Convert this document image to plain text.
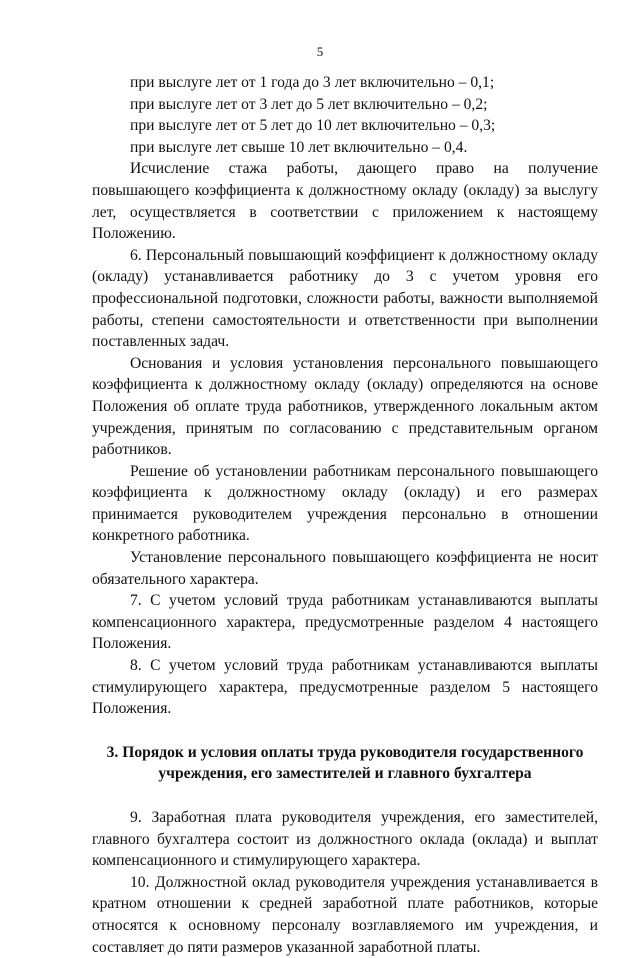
5

при выслуге лет от 1 года до 3 лет включительно – 0,1;

при выслуге лет от 3 лет до 5 лет включительно – 0,2;

при выслуге лет от 5 лет до 10 лет включительно – 0,3;

при выслуге лет свыше 10 лет включительно – 0,4.

Исчисление стажа работы, дающего право на получение повышающего коэффициента к должностному окладу (окладу) за выслугу лет, осуществляется в соответствии с приложением к настоящему Положению.

6. Персональный повышающий коэффициент к должностному окладу (окладу) устанавливается работнику до 3 с учетом уровня его профессиональной подготовки, сложности работы, важности выполняемой работы, степени самостоятельности и ответственности при выполнении поставленных задач.

Основания и условия установления персонального повышающего коэффициента к должностному окладу (окладу) определяются на основе Положения об оплате труда работников, утвержденного локальным актом учреждения, принятым по согласованию с представительным органом работников.

Решение об установлении работникам персонального повышающего коэффициента к должностному окладу (окладу) и его размерах принимается руководителем учреждения персонально в отношении конкретного работника.

Установление персонального повышающего коэффициента не носит обязательного характера.

7. С учетом условий труда работникам устанавливаются выплаты компенсационного характера, предусмотренные разделом 4 настоящего Положения.

8. С учетом условий труда работникам устанавливаются выплаты стимулирующего характера, предусмотренные разделом 5 настоящего Положения.

3. Порядок и условия оплаты труда руководителя государственного
учреждения, его заместителей и главного бухгалтера

9. Заработная плата руководителя учреждения, его заместителей, главного бухгалтера состоит из должностного оклада (оклада) и выплат компенсационного и стимулирующего характера.

10. Должностной оклад руководителя учреждения устанавливается в кратном отношении к средней заработной плате работников, которые относятся к основному персоналу возглавляемого им учреждения, и составляет до пяти размеров указанной заработной платы.
